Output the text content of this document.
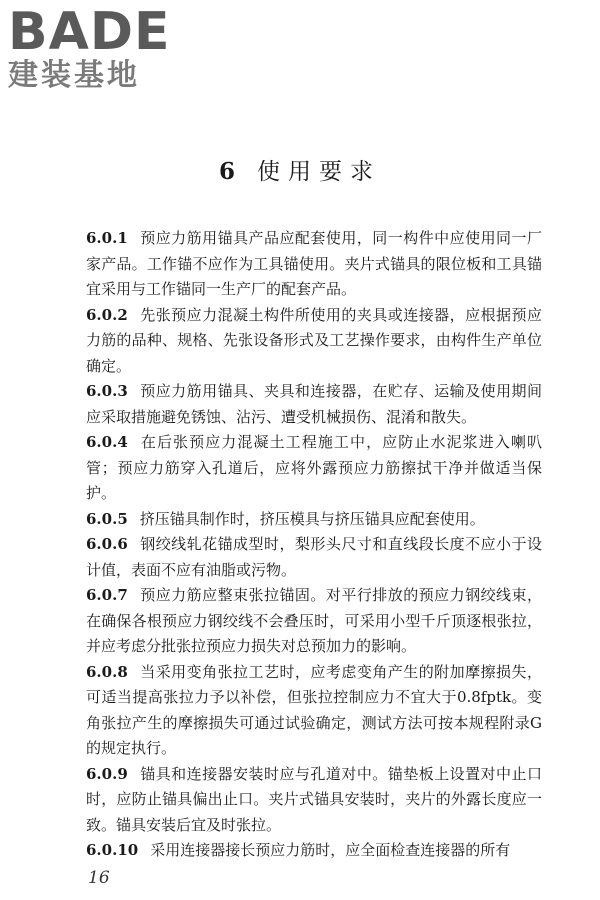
BADE
建装基地
6 使用要求

6.0.1 预应力筋用锚具产品应配套使用，同一构件中应使用同一厂家产品。工作锚不应作为工具锚使用。夹片式锚具的限位板和工具锚宜采用与工作锚同一生产厂的配套产品。

6.0.2 先张预应力混凝土构件所使用的夹具或连接器，应根据预应力筋的品种、规格、先张设备形式及工艺操作要求，由构件生产单位确定。

6.0.3 预应力筋用锚具、夹具和连接器，在贮存、运输及使用期间应采取措施避免锈蚀、沾污、遭受机械损伤、混淆和散失。

6.0.4 在后张预应力混凝土工程施工中，应防止水泥浆进入喇叭管；预应力筋穿入孔道后，应将外露预应力筋擦拭干净并做适当保护。

6.0.5 挤压锚具制作时，挤压模具与挤压锚具应配套使用。

6.0.6 钢绞线轧花锚成型时，梨形头尺寸和直线段长度不应小于设计值，表面不应有油脂或污物。

6.0.7 预应力筋应整束张拉锚固。对平行排放的预应力钢绞线束，在确保各根预应力钢绞线不会叠压时，可采用小型千斤顶逐根张拉，并应考虑分批张拉预应力损失对总预加力的影响。

6.0.8 当采用变角张拉工艺时，应考虑变角产生的附加摩擦损失，可适当提高张拉力予以补偿，但张拉控制应力不宜大于0.8fptk。变角张拉产生的摩擦损失可通过试验确定，测试方法可按本规程附录G的规定执行。

6.0.9 锚具和连接器安装时应与孔道对中。锚垫板上设置对中止口时，应防止锚具偏出止口。夹片式锚具安装时，夹片的外露长度应一致。锚具安装后宜及时张拉。

6.0.10 采用连接器接长预应力筋时，应全面检查连接器的所有

16
